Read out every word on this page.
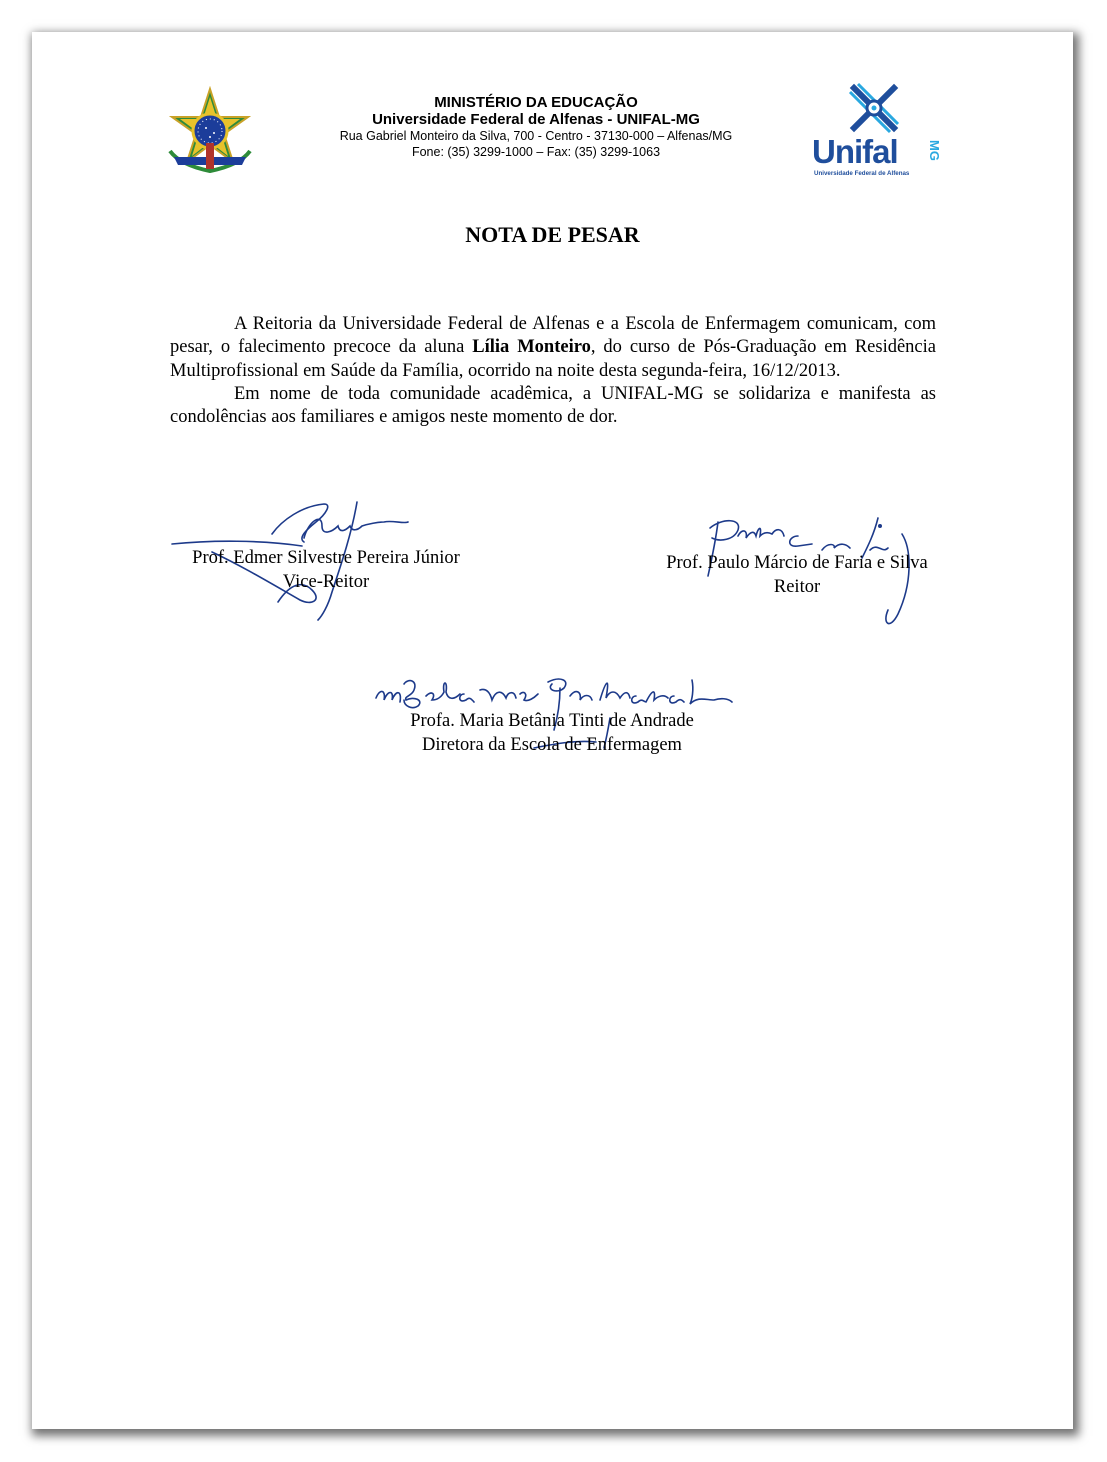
MINISTÉRIO DA EDUCAÇÃO
Universidade Federal de Alfenas - UNIFAL-MG
Rua Gabriel Monteiro da Silva, 700 - Centro - 37130-000 – Alfenas/MG
Fone: (35) 3299-1000 – Fax: (35) 3299-1063	Unifal MG
Universidade Federal de Alfenas
NOTA DE PESAR

A Reitoria da Universidade Federal de Alfenas e a Escola de Enfermagem comunicam, com pesar, o falecimento precoce da aluna Lília Monteiro, do curso de Pós-Graduação em Residência Multiprofissional em Saúde da Família, ocorrido na noite desta segunda-feira, 16/12/2013.

Em nome de toda comunidade acadêmica, a UNIFAL-MG se solidariza e manifesta as condolências aos familiares e amigos neste momento de dor.

Prof. Edmer Silvestre Pereira Júnior
Vice-Reitor
Prof. Paulo Márcio de Faria e Silva
Reitor
Profa. Maria Betânia Tinti de Andrade
Diretora da Escola de Enfermagem
